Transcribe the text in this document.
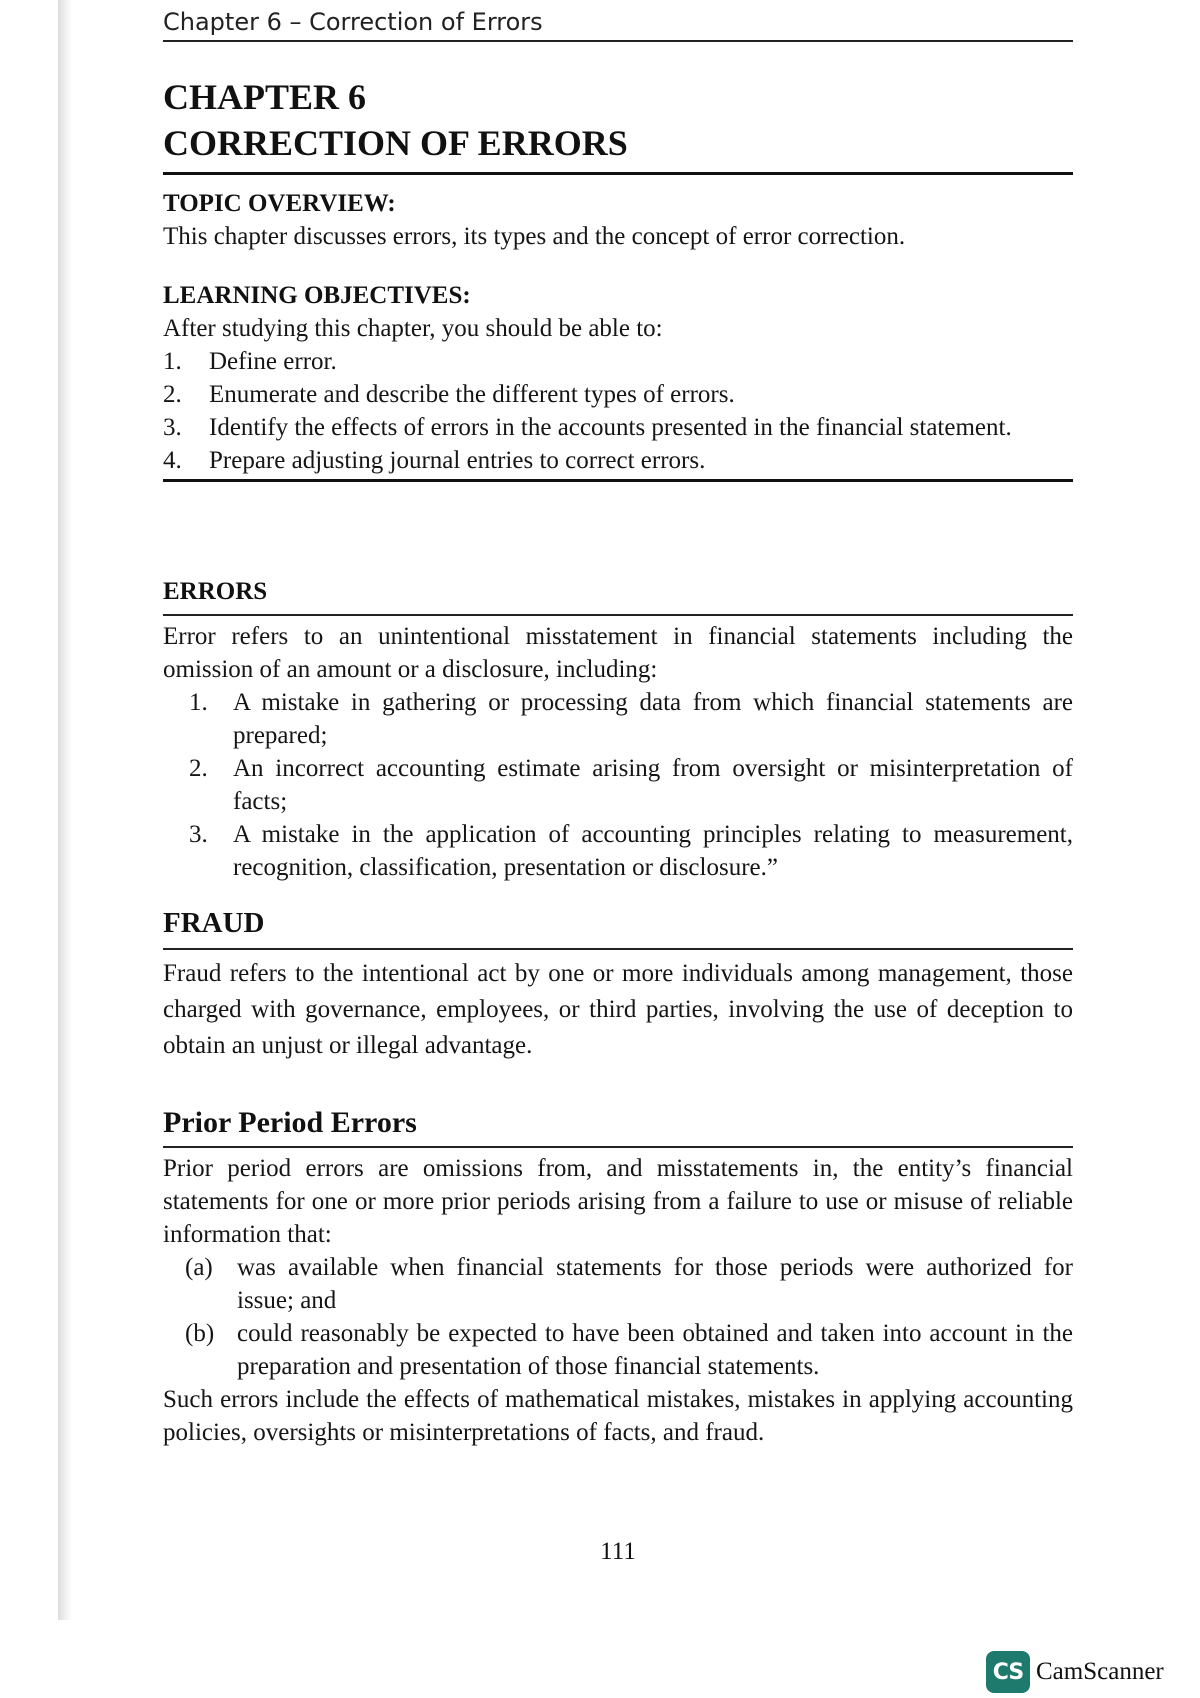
Chapter 6 – Correction of Errors
CHAPTER 6
CORRECTION OF ERRORS
TOPIC OVERVIEW:
This chapter discusses errors, its types and the concept of error correction.
LEARNING OBJECTIVES:
After studying this chapter, you should be able to:
1. Define error.
2. Enumerate and describe the different types of errors.
3. Identify the effects of errors in the accounts presented in the financial statement.
4. Prepare adjusting journal entries to correct errors.
ERRORS
Error refers to an unintentional misstatement in financial statements including the omission of an amount or a disclosure, including:
1. A mistake in gathering or processing data from which financial statements are prepared;
2. An incorrect accounting estimate arising from oversight or misinterpretation of facts;
3. A mistake in the application of accounting principles relating to measurement, recognition, classification, presentation or disclosure.”
FRAUD
Fraud refers to the intentional act by one or more individuals among management, those charged with governance, employees, or third parties, involving the use of deception to obtain an unjust or illegal advantage.
Prior Period Errors
Prior period errors are omissions from, and misstatements in, the entity’s financial statements for one or more prior periods arising from a failure to use or misuse of reliable information that:
(a) was available when financial statements for those periods were authorized for issue; and
(b) could reasonably be expected to have been obtained and taken into account in the preparation and presentation of those financial statements.
Such errors include the effects of mathematical mistakes, mistakes in applying accounting policies, oversights or misinterpretations of facts, and fraud.
111
CS CamScanner
